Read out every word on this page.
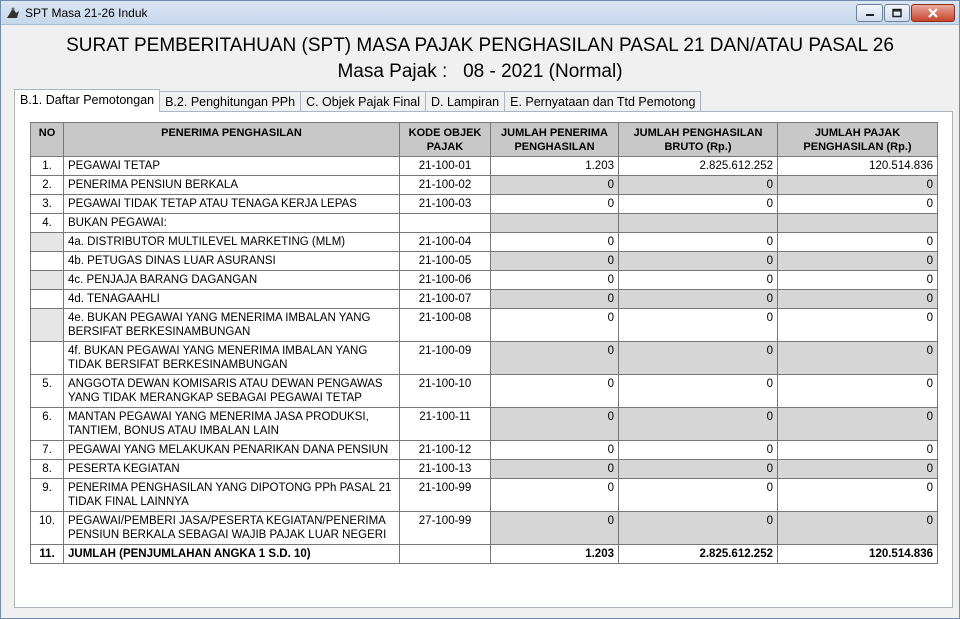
SPT Masa 21-26 Induk
SURAT PEMBERITAHUAN (SPT) MASA PAJAK PENGHASILAN PASAL 21 DAN/ATAU PASAL 26
Masa Pajak :   08 - 2021 (Normal)
B.1. Daftar Pemotongan B.2. Penghitungan PPh C. Objek Pajak Final D. Lampiran E. Pernyataan dan Ttd Pemotong
NO	PENERIMA PENGHASILAN	KODE OBJEK PAJAK	JUMLAH PENERIMA PENGHASILAN	JUMLAH PENGHASILAN BRUTO (Rp.)	JUMLAH PAJAK PENGHASILAN (Rp.)
1.	PEGAWAI TETAP	21-100-01	1.203	2.825.612.252	120.514.836
2.	PENERIMA PENSIUN BERKALA	21-100-02	0	0	0
3.	PEGAWAI TIDAK TETAP ATAU TENAGA KERJA LEPAS	21-100-03	0	0	0
4.	BUKAN PEGAWAI:				
	4a. DISTRIBUTOR MULTILEVEL MARKETING (MLM)	21-100-04	0	0	0
	4b. PETUGAS DINAS LUAR ASURANSI	21-100-05	0	0	0
	4c. PENJAJA BARANG DAGANGAN	21-100-06	0	0	0
	4d. TENAGAAHLI	21-100-07	0	0	0
	4e. BUKAN PEGAWAI YANG MENERIMA IMBALAN YANG BERSIFAT BERKESINAMBUNGAN	21-100-08	0	0	0
	4f. BUKAN PEGAWAI YANG MENERIMA IMBALAN YANG TIDAK BERSIFAT BERKESINAMBUNGAN	21-100-09	0	0	0
5.	ANGGOTA DEWAN KOMISARIS ATAU DEWAN PENGAWAS YANG TIDAK MERANGKAP SEBAGAI PEGAWAI TETAP	21-100-10	0	0	0
6.	MANTAN PEGAWAI YANG MENERIMA JASA PRODUKSI, TANTIEM, BONUS ATAU IMBALAN LAIN	21-100-11	0	0	0
7.	PEGAWAI YANG MELAKUKAN PENARIKAN DANA PENSIUN	21-100-12	0	0	0
8.	PESERTA KEGIATAN	21-100-13	0	0	0
9.	PENERIMA PENGHASILAN YANG DIPOTONG PPh PASAL 21 TIDAK FINAL LAINNYA	21-100-99	0	0	0
10.	PEGAWAI/PEMBERI JASA/PESERTA KEGIATAN/PENERIMA PENSIUN BERKALA SEBAGAI WAJIB PAJAK LUAR NEGERI	27-100-99	0	0	0
11.	JUMLAH (PENJUMLAHAN ANGKA 1 S.D. 10)		1.203	2.825.612.252	120.514.836
